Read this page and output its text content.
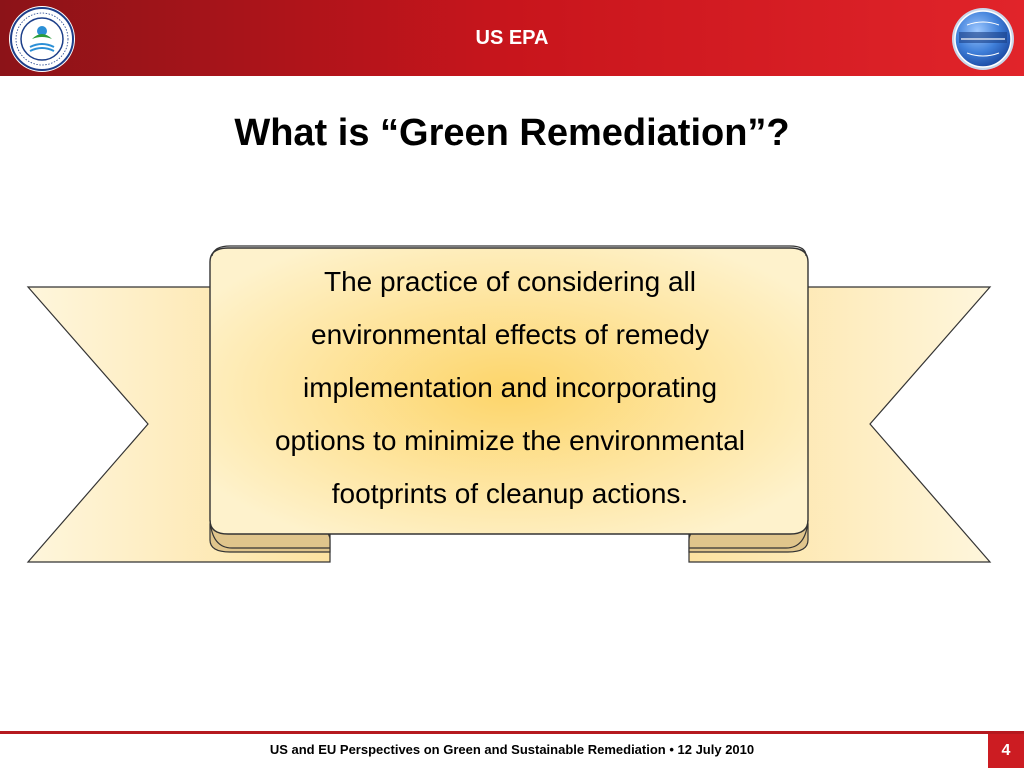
US EPA
What is “Green Remediation”?
The practice of considering all
environmental effects of remedy
implementation and incorporating
options to minimize the environmental
footprints of cleanup actions.
US and EU Perspectives on Green and Sustainable Remediation • 12 July 2010	4
